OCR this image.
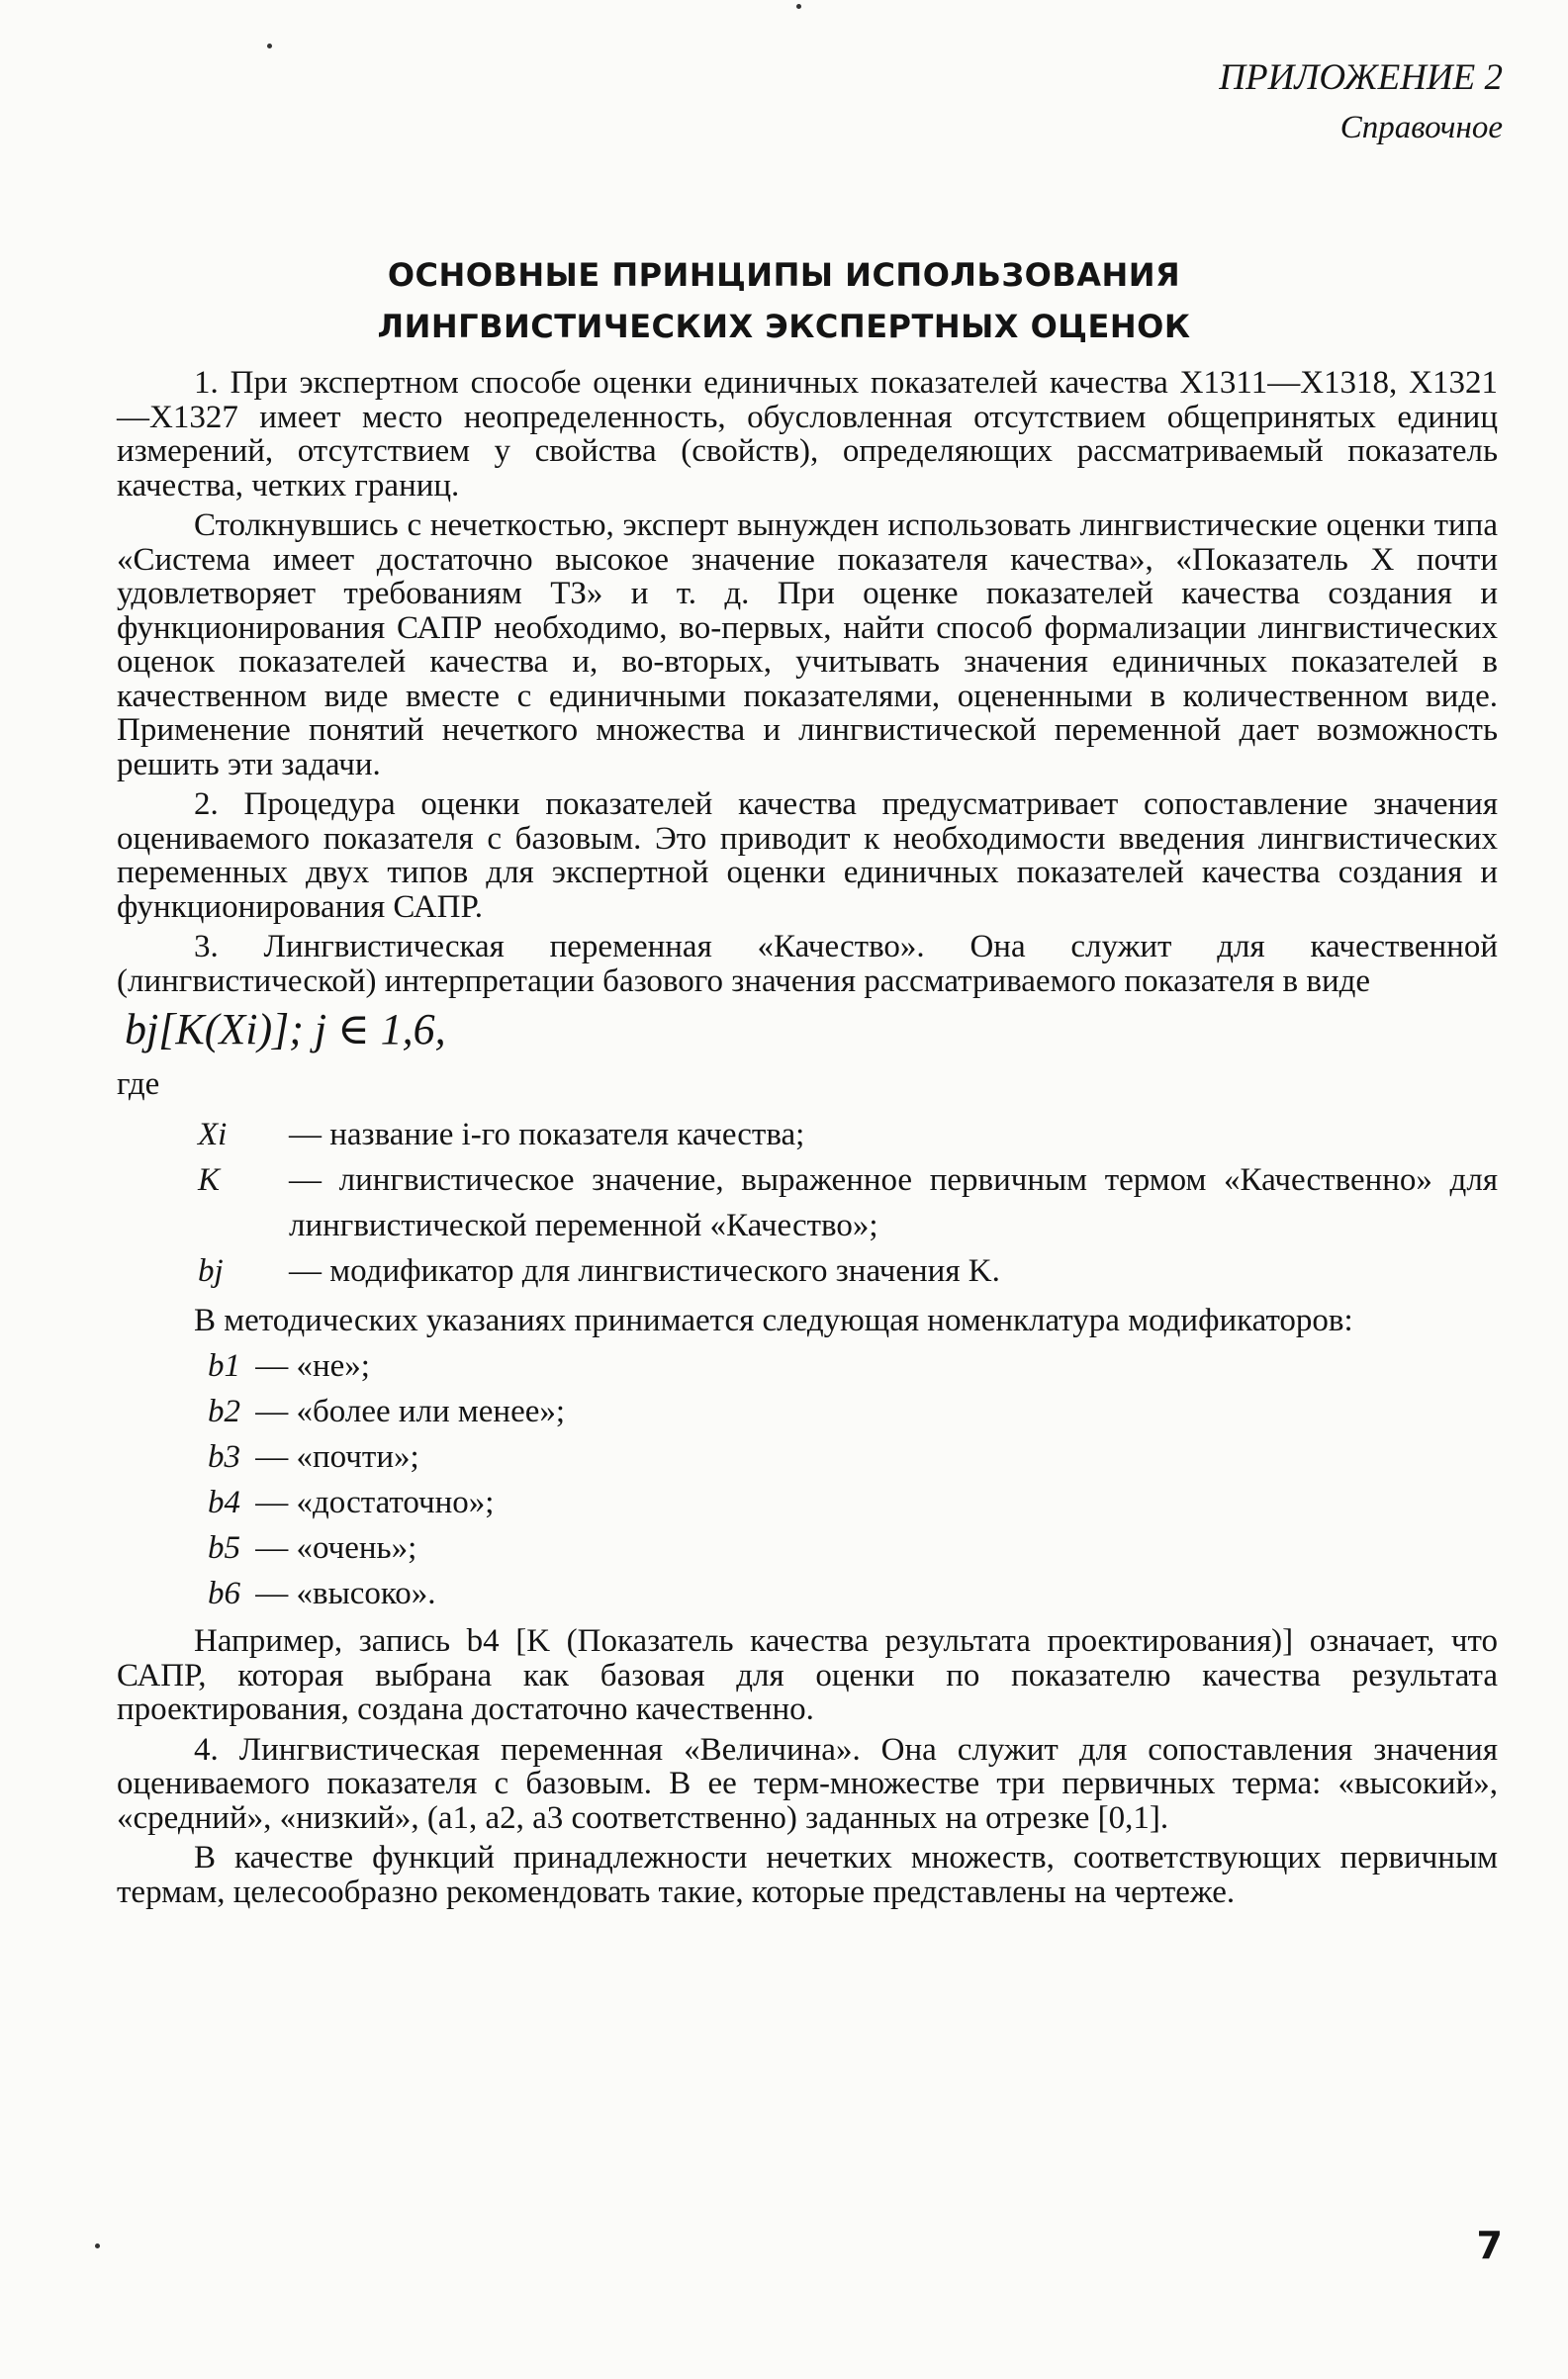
ПРИЛОЖЕНИЕ 2
Справочное
ОСНОВНЫЕ ПРИНЦИПЫ ИСПОЛЬЗОВАНИЯ
ЛИНГВИСТИЧЕСКИХ ЭКСПЕРТНЫХ ОЦЕНОК

1. При экспертном способе оценки единичных показателей качества X1311—X1318, X1321—X1327 имеет место неопределенность, обусловленная отсутствием общепринятых единиц измерений, отсутствием у свойства (свойств), определяющих рассматриваемый показатель качества, четких границ.

Столкнувшись с нечеткостью, эксперт вынужден использовать лингвистические оценки типа «Система имеет достаточно высокое значение показателя качества», «Показатель X почти удовлетворяет требованиям ТЗ» и т. д. При оценке показателей качества создания и функционирования САПР необходимо, во-первых, найти способ формализации лингвистических оценок показателей качества и, во-вторых, учитывать значения единичных показателей в качественном виде вместе с единичными показателями, оцененными в количественном виде. Применение понятий нечеткого множества и лингвистической переменной дает возможность решить эти задачи.

2. Процедура оценки показателей качества предусматривает сопоставление значения оцениваемого показателя с базовым. Это приводит к необходимости введения лингвистических переменных двух типов для экспертной оценки единичных показателей качества создания и функционирования САПР.

3. Лингвистическая переменная «Качество». Она служит для качественной (лингвистической) интерпретации базового значения рассматриваемого показателя в виде

bj[K(Xi)]; j ∈ 1,6,
где
Xi	— название i-го показателя качества;
K	— лингвистическое значение, выраженное первичным термом «Качественно» для лингвистической переменной «Качество»;
bj	— модификатор для лингвистического значения K.

В методических указаниях принимается следующая номенклатура модификаторов:

b1 — «не»;
b2 — «более или менее»;
b3 — «почти»;
b4 — «достаточно»;
b5 — «очень»;
b6 — «высоко».

Например, запись b4 [K (Показатель качества результата проектирования)] означает, что САПР, которая выбрана как базовая для оценки по показателю качества результата проектирования, создана достаточно качественно.

4. Лингвистическая переменная «Величина». Она служит для сопоставления значения оцениваемого показателя с базовым. В ее терм-множестве три первичных терма: «высокий», «средний», «низкий», (a1, a2, a3 соответственно) заданных на отрезке [0,1].

В качестве функций принадлежности нечетких множеств, соответствующих первичным термам, целесообразно рекомендовать такие, которые представлены на чертеже.

7
